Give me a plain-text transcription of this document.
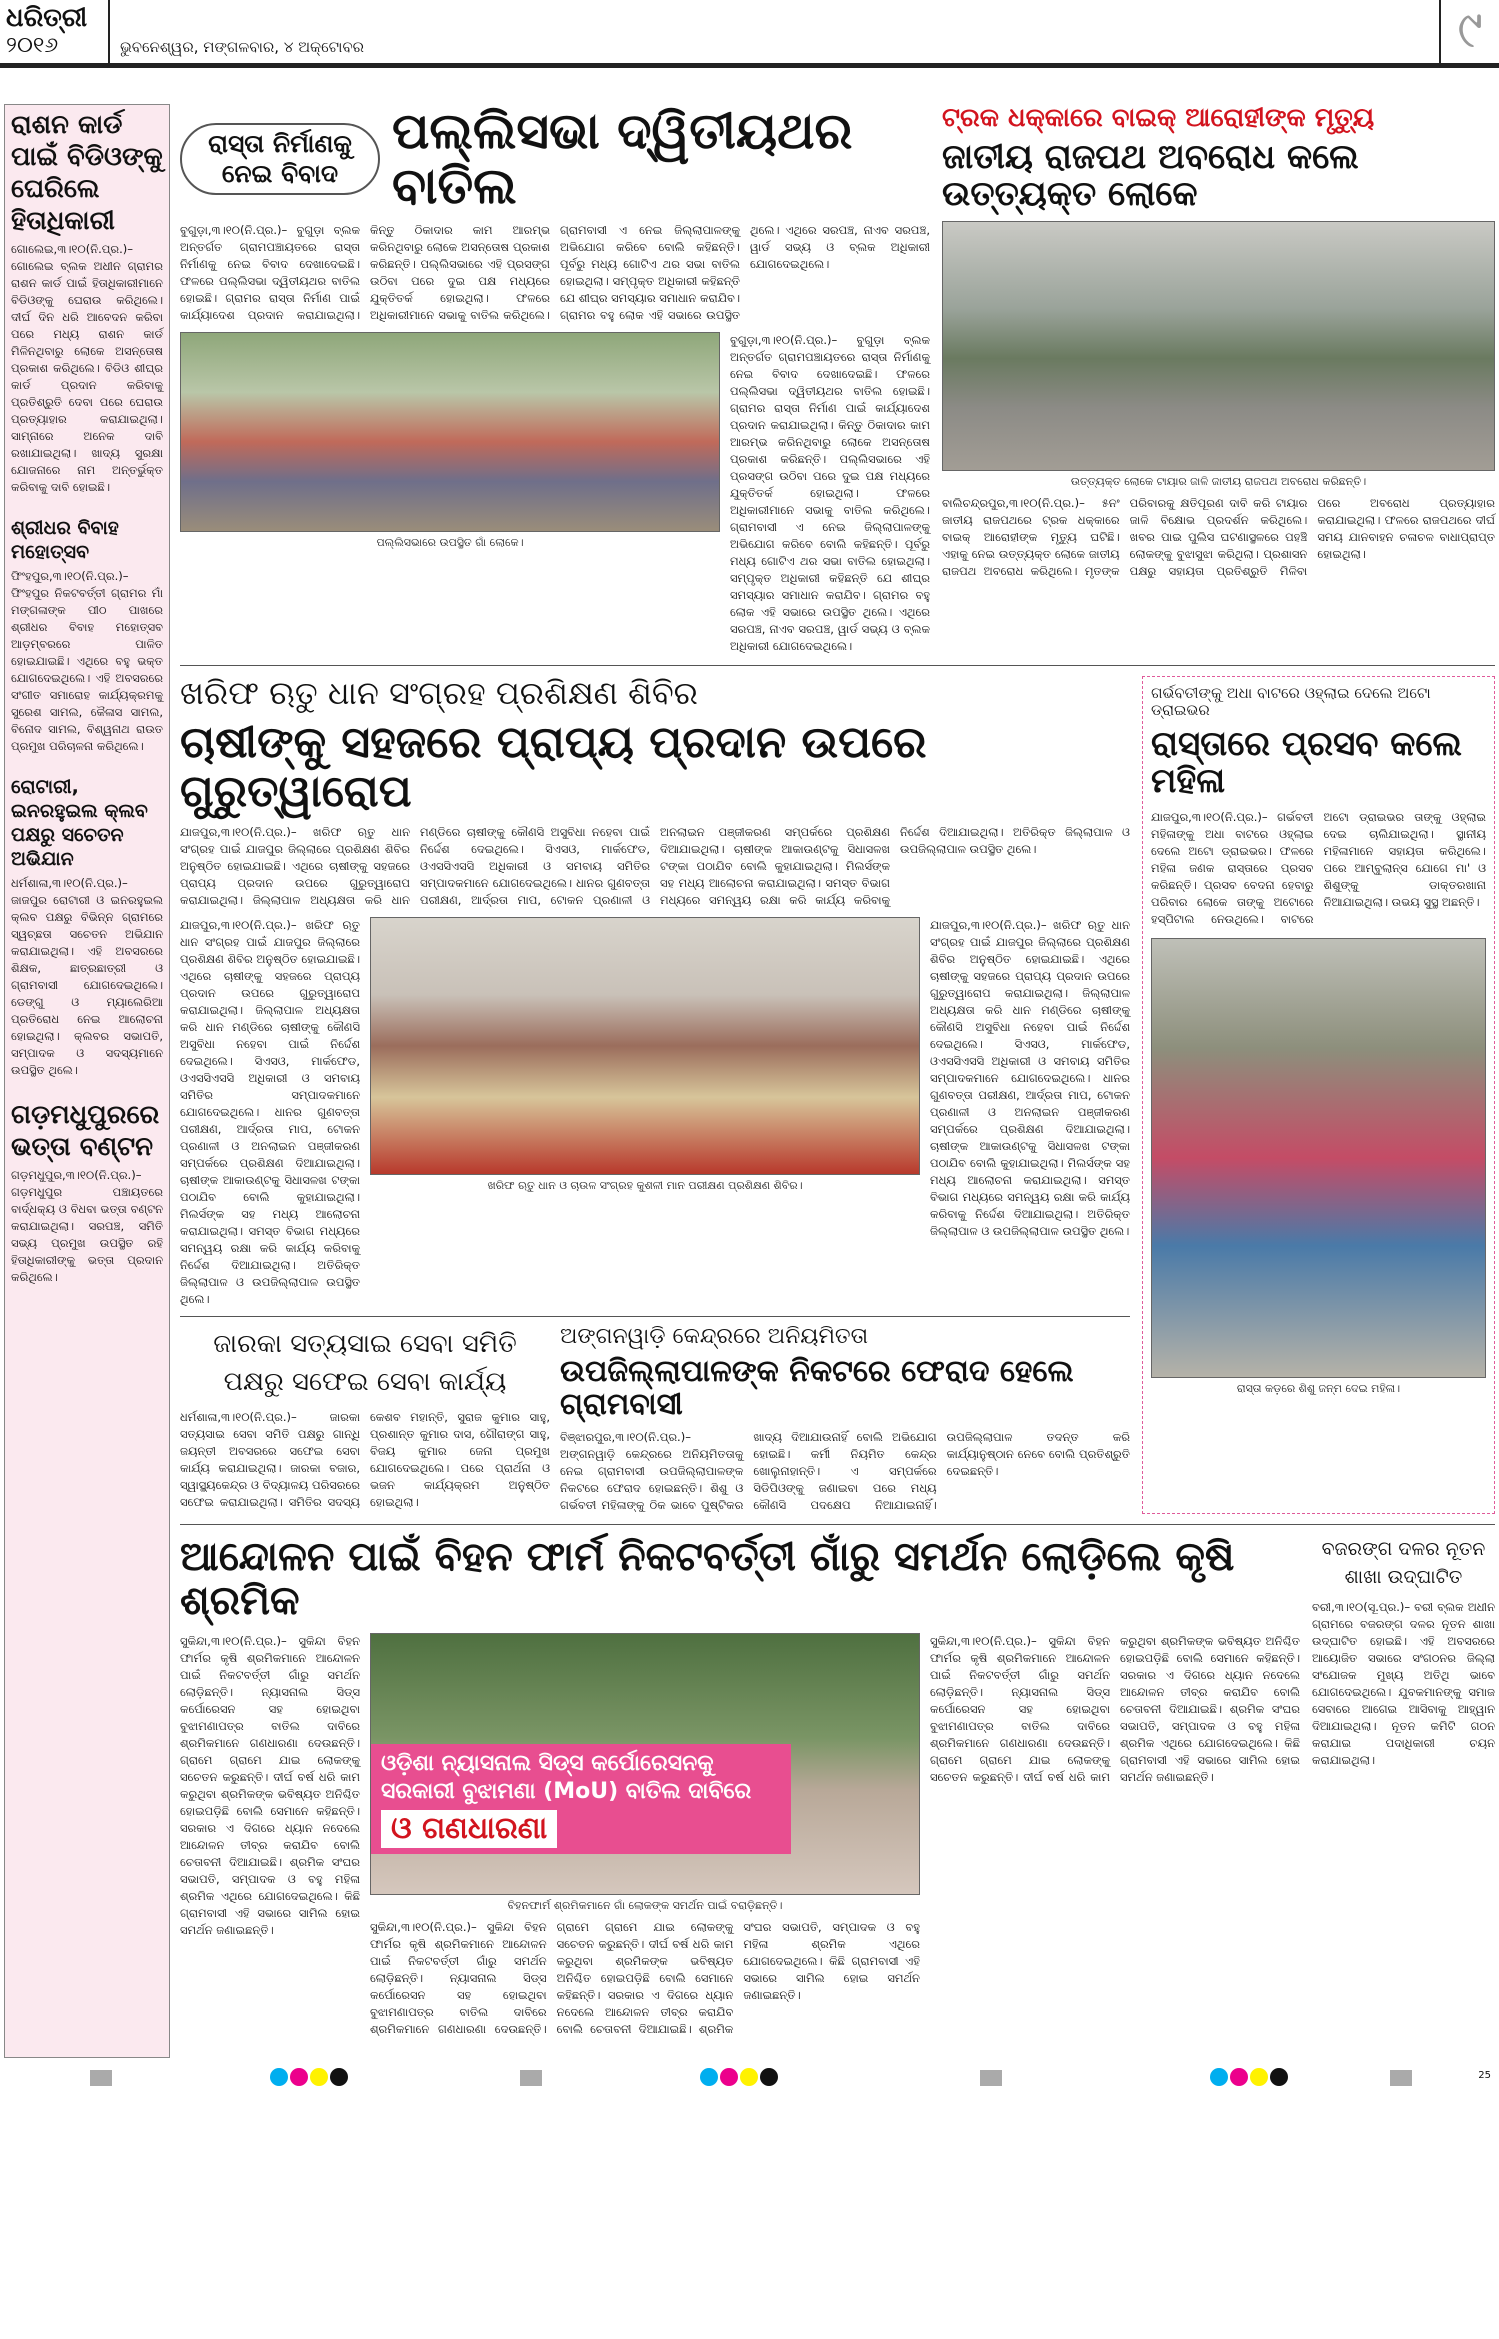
ଧରିତ୍ରୀ
୨୦୧୬	ଭୁବନେଶ୍ୱର, ମଙ୍ଗଳବାର, ୪ ଅକ୍ଟୋବର	୯
ରାଶନ କାର୍ଡ ପାଇଁ ବିଡିଓଙ୍କୁ ଘେରିଲେ ହିତାଧିକାରୀ
ଗୋଲେଇ,୩।୧୦(ନି.ପ୍ର.)– ଗୋଲେଇ ବ୍ଲକ ଅଧୀନ ଗ୍ରାମର ରାଶନ କାର୍ଡ ପାଇଁ ହିତାଧିକାରୀମାନେ ବିଡିଓଙ୍କୁ ଘେରାଉ କରିଥିଲେ। ଦୀର୍ଘ ଦିନ ଧରି ଆବେଦନ କରିବା ପରେ ମଧ୍ୟ ରାଶନ କାର୍ଡ ମିଳିନଥିବାରୁ ଲୋକେ ଅସନ୍ତୋଷ ପ୍ରକାଶ କରିଥିଲେ। ବିଡିଓ ଶୀଘ୍ର କାର୍ଡ ପ୍ରଦାନ କରିବାକୁ ପ୍ରତିଶ୍ରୁତି ଦେବା ପରେ ଘେରାଉ ପ୍ରତ୍ୟାହାର କରାଯାଇଥିଲା। ସାମ୍ନାରେ ଅନେକ ଦାବି ରଖାଯାଇଥିଲା। ଖାଦ୍ୟ ସୁରକ୍ଷା ଯୋଜନାରେ ନାମ ଅନ୍ତର୍ଭୁକ୍ତ କରିବାକୁ ଦାବି ହୋଇଛି।
ଶ୍ରୀଧର ବିବାହ ମହୋତ୍ସବ
ଫିଂହପୁର,୩।୧୦(ନି.ପ୍ର.)– ଫିଂହପୁର ନିକଟବର୍ତ୍ତୀ ଗ୍ରାମର ମାଁ ମଙ୍ଗଳାଙ୍କ ପୀଠ ପାଖରେ ଶ୍ରୀଧର ବିବାହ ମହୋତ୍ସବ ଆଡ଼ମ୍ବରରେ ପାଳିତ ହୋଇଯାଇଛି। ଏଥିରେ ବହୁ ଭକ୍ତ ଯୋଗଦେଇଥିଲେ। ଏହି ଅବସରରେ ସଂଗୀତ ସମାରୋହ କାର୍ଯ୍ୟକ୍ରମକୁ ସୁରେଶ ସାମଲ, କୈଳାସ ସାମଲ, ବିନୋଦ ସାମଲ, ବିଶ୍ୱନାଥ ରାଉତ ପ୍ରମୁଖ ପରିଚାଳନା କରିଥିଲେ।
ରୋଟାରୀ, ଇନରହୁଇଲ କ୍ଲବ ପକ୍ଷରୁ ସଚେତନ ଅଭିଯାନ
ଧର୍ମଶାଳା,୩।୧୦(ନି.ପ୍ର.)– ଜାଜପୁର ରୋଟାରୀ ଓ ଇନରହୁଇଲ କ୍ଲବ ପକ୍ଷରୁ ବିଭିନ୍ନ ଗ୍ରାମରେ ସ୍ୱଚ୍ଛତା ସଚେତନ ଅଭିଯାନ କରାଯାଇଥିଲା। ଏହି ଅବସରରେ ଶିକ୍ଷକ, ଛାତ୍ରଛାତ୍ରୀ ଓ ଗ୍ରାମବାସୀ ଯୋଗଦେଇଥିଲେ। ଡେଙ୍ଗୁ ଓ ମ୍ୟାଲେରିଆ ପ୍ରତିରୋଧ ନେଇ ଆଲୋଚନା ହୋଇଥିଲା। କ୍ଲବର ସଭାପତି, ସମ୍ପାଦକ ଓ ସଦସ୍ୟମାନେ ଉପସ୍ଥିତ ଥିଲେ।
ଗଡ଼ମଧୁପୁରରେ ଭତ୍ତା ବଣ୍ଟନ
ଗଡ଼ମଧୁପୁର,୩।୧୦(ନି.ପ୍ର.)– ଗଡ଼ମଧୁପୁର ପଞ୍ଚାୟତରେ ବାର୍ଦ୍ଧକ୍ୟ ଓ ବିଧବା ଭତ୍ତା ବଣ୍ଟନ କରାଯାଇଥିଲା। ସରପଞ୍ଚ, ସମିତି ସଭ୍ୟ ପ୍ରମୁଖ ଉପସ୍ଥିତ ରହି ହିତାଧିକାରୀଙ୍କୁ ଭତ୍ତା ପ୍ରଦାନ କରିଥିଲେ।
ରାସ୍ତା ନିର୍ମାଣକୁ ନେଇ ବିବାଦ
ପଲ୍ଲିସଭା ଦ୍ୱିତୀୟଥର ବାତିଲ
ବୁଗୁଡ଼ା,୩।୧୦(ନି.ପ୍ର.)– ବୁଗୁଡ଼ା ବ୍ଲକ ଅନ୍ତର୍ଗତ ଗ୍ରାମପଞ୍ଚାୟତରେ ରାସ୍ତା ନିର୍ମାଣକୁ ନେଇ ବିବାଦ ଦେଖାଦେଇଛି। ଫଳରେ ପଲ୍ଲିସଭା ଦ୍ୱିତୀୟଥର ବାତିଲ ହୋଇଛି। ଗ୍ରାମର ରାସ୍ତା ନିର୍ମାଣ ପାଇଁ କାର୍ଯ୍ୟାଦେଶ ପ୍ରଦାନ କରାଯାଇଥିଲା। କିନ୍ତୁ ଠିକାଦାର କାମ ଆରମ୍ଭ କରିନଥିବାରୁ ଲୋକେ ଅସନ୍ତୋଷ ପ୍ରକାଶ କରିଛନ୍ତି। ପଲ୍ଲିସଭାରେ ଏହି ପ୍ରସଙ୍ଗ ଉଠିବା ପରେ ଦୁଇ ପକ୍ଷ ମଧ୍ୟରେ ଯୁକ୍ତିତର୍କ ହୋଇଥିଲା। ଫଳରେ ଅଧିକାରୀମାନେ ସଭାକୁ ବାତିଲ କରିଥିଲେ। ଗ୍ରାମବାସୀ ଏ ନେଇ ଜିଲ୍ଲାପାଳଙ୍କୁ ଅଭିଯୋଗ କରିବେ ବୋଲି କହିଛନ୍ତି। ପୂର୍ବରୁ ମଧ୍ୟ ଗୋଟିଏ ଥର ସଭା ବାତିଲ ହୋଇଥିଲା। ସମ୍ପୃକ୍ତ ଅଧିକାରୀ କହିଛନ୍ତି ଯେ ଶୀଘ୍ର ସମସ୍ୟାର ସମାଧାନ କରାଯିବ। ଗ୍ରାମର ବହୁ ଲୋକ ଏହି ସଭାରେ ଉପସ୍ଥିତ ଥିଲେ। ଏଥିରେ ସରପଞ୍ଚ, ନାଏବ ସରପଞ୍ଚ, ୱାର୍ଡ ସଭ୍ୟ ଓ ବ୍ଲକ ଅଧିକାରୀ ଯୋଗଦେଇଥିଲେ।
ପଲ୍ଲିସଭାରେ ଉପସ୍ଥିତ ଗାଁ ଲୋକେ।
ବୁଗୁଡ଼ା,୩।୧୦(ନି.ପ୍ର.)– ବୁଗୁଡ଼ା ବ୍ଲକ ଅନ୍ତର୍ଗତ ଗ୍ରାମପଞ୍ଚାୟତରେ ରାସ୍ତା ନିର୍ମାଣକୁ ନେଇ ବିବାଦ ଦେଖାଦେଇଛି। ଫଳରେ ପଲ୍ଲିସଭା ଦ୍ୱିତୀୟଥର ବାତିଲ ହୋଇଛି। ଗ୍ରାମର ରାସ୍ତା ନିର୍ମାଣ ପାଇଁ କାର୍ଯ୍ୟାଦେଶ ପ୍ରଦାନ କରାଯାଇଥିଲା। କିନ୍ତୁ ଠିକାଦାର କାମ ଆରମ୍ଭ କରିନଥିବାରୁ ଲୋକେ ଅସନ୍ତୋଷ ପ୍ରକାଶ କରିଛନ୍ତି। ପଲ୍ଲିସଭାରେ ଏହି ପ୍ରସଙ୍ଗ ଉଠିବା ପରେ ଦୁଇ ପକ୍ଷ ମଧ୍ୟରେ ଯୁକ୍ତିତର୍କ ହୋଇଥିଲା। ଫଳରେ ଅଧିକାରୀମାନେ ସଭାକୁ ବାତିଲ କରିଥିଲେ। ଗ୍ରାମବାସୀ ଏ ନେଇ ଜିଲ୍ଲାପାଳଙ୍କୁ ଅଭିଯୋଗ କରିବେ ବୋଲି କହିଛନ୍ତି। ପୂର୍ବରୁ ମଧ୍ୟ ଗୋଟିଏ ଥର ସଭା ବାତିଲ ହୋଇଥିଲା। ସମ୍ପୃକ୍ତ ଅଧିକାରୀ କହିଛନ୍ତି ଯେ ଶୀଘ୍ର ସମସ୍ୟାର ସମାଧାନ କରାଯିବ। ଗ୍ରାମର ବହୁ ଲୋକ ଏହି ସଭାରେ ଉପସ୍ଥିତ ଥିଲେ। ଏଥିରେ ସରପଞ୍ଚ, ନାଏବ ସରପଞ୍ଚ, ୱାର୍ଡ ସଭ୍ୟ ଓ ବ୍ଲକ ଅଧିକାରୀ ଯୋଗଦେଇଥିଲେ।
ଟ୍ରକ ଧକ୍କାରେ ବାଇକ୍ ଆରୋହୀଙ୍କ ମୃତ୍ୟୁ
ଜାତୀୟ ରାଜପଥ ଅବରୋଧ କଲେ ଉତ୍ତ୍ୟକ୍ତ ଲୋକେ
ଉତ୍ତ୍ୟକ୍ତ ଲୋକେ ଟାୟାର ଜାଳି ଜାତୀୟ ରାଜପଥ ଅବରୋଧ କରିଛନ୍ତି।
ବାଲିଚନ୍ଦ୍ରପୁର,୩।୧୦(ନି.ପ୍ର.)– ୫ନଂ ଜାତୀୟ ରାଜପଥରେ ଟ୍ରକ ଧକ୍କାରେ ବାଇକ୍ ଆରୋହୀଙ୍କ ମୃତ୍ୟୁ ଘଟିଛି। ଏହାକୁ ନେଇ ଉତ୍ତ୍ୟକ୍ତ ଲୋକେ ଜାତୀୟ ରାଜପଥ ଅବରୋଧ କରିଥିଲେ। ମୃତଙ୍କ ପରିବାରକୁ କ୍ଷତିପୂରଣ ଦାବି କରି ଟାୟାର ଜାଳି ବିକ୍ଷୋଭ ପ୍ରଦର୍ଶନ କରିଥିଲେ। ଖବର ପାଇ ପୁଲିସ ଘଟଣାସ୍ଥଳରେ ପହଞ୍ଚି ଲୋକଙ୍କୁ ବୁଝାସୁଝା କରିଥିଲା। ପ୍ରଶାସନ ପକ୍ଷରୁ ସହାୟତା ପ୍ରତିଶ୍ରୁତି ମିଳିବା ପରେ ଅବରୋଧ ପ୍ରତ୍ୟାହାର କରାଯାଇଥିଲା। ଫଳରେ ରାଜପଥରେ ଦୀର୍ଘ ସମୟ ଯାନବାହନ ଚଳାଚଳ ବାଧାପ୍ରାପ୍ତ ହୋଇଥିଲା।
ଖରିଫ ଋତୁ ଧାନ ସଂଗ୍ରହ ପ୍ରଶିକ୍ଷଣ ଶିବିର
ଚାଷୀଙ୍କୁ ସହଜରେ ପ୍ରାପ୍ୟ ପ୍ରଦାନ ଉପରେ ଗୁରୁତ୍ୱାରୋପ
ଯାଜପୁର,୩।୧୦(ନି.ପ୍ର.)– ଖରିଫ ଋତୁ ଧାନ ସଂଗ୍ରହ ପାଇଁ ଯାଜପୁର ଜିଲ୍ଲାରେ ପ୍ରଶିକ୍ଷଣ ଶିବିର ଅନୁଷ୍ଠିତ ହୋଇଯାଇଛି। ଏଥିରେ ଚାଷୀଙ୍କୁ ସହଜରେ ପ୍ରାପ୍ୟ ପ୍ରଦାନ ଉପରେ ଗୁରୁତ୍ୱାରୋପ କରାଯାଇଥିଲା। ଜିଲ୍ଲାପାଳ ଅଧ୍ୟକ୍ଷତା କରି ଧାନ ମଣ୍ଡିରେ ଚାଷୀଙ୍କୁ କୌଣସି ଅସୁବିଧା ନହେବା ପାଇଁ ନିର୍ଦ୍ଦେଶ ଦେଇଥିଲେ। ସିଏସଓ, ମାର୍କଫେଡ, ଓଏସସିଏସସି ଅଧିକାରୀ ଓ ସମବାୟ ସମିତିର ସମ୍ପାଦକମାନେ ଯୋଗଦେଇଥିଲେ। ଧାନର ଗୁଣବତ୍ତା ପରୀକ୍ଷଣ, ଆର୍ଦ୍ରତା ମାପ, ଟୋକନ ପ୍ରଣାଳୀ ଓ ଅନଲାଇନ ପଞ୍ଜୀକରଣ ସମ୍ପର୍କରେ ପ୍ରଶିକ୍ଷଣ ଦିଆଯାଇଥିଲା। ଚାଷୀଙ୍କ ଆକାଉଣ୍ଟକୁ ସିଧାସଳଖ ଟଙ୍କା ପଠାଯିବ ବୋଲି କୁହାଯାଇଥିଲା। ମିଲର୍ସଙ୍କ ସହ ମଧ୍ୟ ଆଲୋଚନା କରାଯାଇଥିଲା। ସମସ୍ତ ବିଭାଗ ମଧ୍ୟରେ ସମନ୍ୱୟ ରକ୍ଷା କରି କାର୍ଯ୍ୟ କରିବାକୁ ନିର୍ଦ୍ଦେଶ ଦିଆଯାଇଥିଲା। ଅତିରିକ୍ତ ଜିଲ୍ଲାପାଳ ଓ ଉପଜିଲ୍ଲାପାଳ ଉପସ୍ଥିତ ଥିଲେ।
ଯାଜପୁର,୩।୧୦(ନି.ପ୍ର.)– ଖରିଫ ଋତୁ ଧାନ ସଂଗ୍ରହ ପାଇଁ ଯାଜପୁର ଜିଲ୍ଲାରେ ପ୍ରଶିକ୍ଷଣ ଶିବିର ଅନୁଷ୍ଠିତ ହୋଇଯାଇଛି। ଏଥିରେ ଚାଷୀଙ୍କୁ ସହଜରେ ପ୍ରାପ୍ୟ ପ୍ରଦାନ ଉପରେ ଗୁରୁତ୍ୱାରୋପ କରାଯାଇଥିଲା। ଜିଲ୍ଲାପାଳ ଅଧ୍ୟକ୍ଷତା କରି ଧାନ ମଣ୍ଡିରେ ଚାଷୀଙ୍କୁ କୌଣସି ଅସୁବିଧା ନହେବା ପାଇଁ ନିର୍ଦ୍ଦେଶ ଦେଇଥିଲେ। ସିଏସଓ, ମାର୍କଫେଡ, ଓଏସସିଏସସି ଅଧିକାରୀ ଓ ସମବାୟ ସମିତିର ସମ୍ପାଦକମାନେ ଯୋଗଦେଇଥିଲେ। ଧାନର ଗୁଣବତ୍ତା ପରୀକ୍ଷଣ, ଆର୍ଦ୍ରତା ମାପ, ଟୋକନ ପ୍ରଣାଳୀ ଓ ଅନଲାଇନ ପଞ୍ଜୀକରଣ ସମ୍ପର୍କରେ ପ୍ରଶିକ୍ଷଣ ଦିଆଯାଇଥିଲା। ଚାଷୀଙ୍କ ଆକାଉଣ୍ଟକୁ ସିଧାସଳଖ ଟଙ୍କା ପଠାଯିବ ବୋଲି କୁହାଯାଇଥିଲା। ମିଲର୍ସଙ୍କ ସହ ମଧ୍ୟ ଆଲୋଚନା କରାଯାଇଥିଲା। ସମସ୍ତ ବିଭାଗ ମଧ୍ୟରେ ସମନ୍ୱୟ ରକ୍ଷା କରି କାର୍ଯ୍ୟ କରିବାକୁ ନିର୍ଦ୍ଦେଶ ଦିଆଯାଇଥିଲା। ଅତିରିକ୍ତ ଜିଲ୍ଲାପାଳ ଓ ଉପଜିଲ୍ଲାପାଳ ଉପସ୍ଥିତ ଥିଲେ।
ଖରିଫ ଋତୁ ଧାନ ଓ ଚାଉଳ ସଂଗ୍ରହ କୁଶଳୀ ମାନ ପରୀକ୍ଷଣ ପ୍ରଶିକ୍ଷଣ ଶିବିର।
ଯାଜପୁର,୩।୧୦(ନି.ପ୍ର.)– ଖରିଫ ଋତୁ ଧାନ ସଂଗ୍ରହ ପାଇଁ ଯାଜପୁର ଜିଲ୍ଲାରେ ପ୍ରଶିକ୍ଷଣ ଶିବିର ଅନୁଷ୍ଠିତ ହୋଇଯାଇଛି। ଏଥିରେ ଚାଷୀଙ୍କୁ ସହଜରେ ପ୍ରାପ୍ୟ ପ୍ରଦାନ ଉପରେ ଗୁରୁତ୍ୱାରୋପ କରାଯାଇଥିଲା। ଜିଲ୍ଲାପାଳ ଅଧ୍ୟକ୍ଷତା କରି ଧାନ ମଣ୍ଡିରେ ଚାଷୀଙ୍କୁ କୌଣସି ଅସୁବିଧା ନହେବା ପାଇଁ ନିର୍ଦ୍ଦେଶ ଦେଇଥିଲେ। ସିଏସଓ, ମାର୍କଫେଡ, ଓଏସସିଏସସି ଅଧିକାରୀ ଓ ସମବାୟ ସମିତିର ସମ୍ପାଦକମାନେ ଯୋଗଦେଇଥିଲେ। ଧାନର ଗୁଣବତ୍ତା ପରୀକ୍ଷଣ, ଆର୍ଦ୍ରତା ମାପ, ଟୋକନ ପ୍ରଣାଳୀ ଓ ଅନଲାଇନ ପଞ୍ଜୀକରଣ ସମ୍ପର୍କରେ ପ୍ରଶିକ୍ଷଣ ଦିଆଯାଇଥିଲା। ଚାଷୀଙ୍କ ଆକାଉଣ୍ଟକୁ ସିଧାସଳଖ ଟଙ୍କା ପଠାଯିବ ବୋଲି କୁହାଯାଇଥିଲା। ମିଲର୍ସଙ୍କ ସହ ମଧ୍ୟ ଆଲୋଚନା କରାଯାଇଥିଲା। ସମସ୍ତ ବିଭାଗ ମଧ୍ୟରେ ସମନ୍ୱୟ ରକ୍ଷା କରି କାର୍ଯ୍ୟ କରିବାକୁ ନିର୍ଦ୍ଦେଶ ଦିଆଯାଇଥିଲା। ଅତିରିକ୍ତ ଜିଲ୍ଲାପାଳ ଓ ଉପଜିଲ୍ଲାପାଳ ଉପସ୍ଥିତ ଥିଲେ।
ଜାରକା ସତ୍ୟସାଇ ସେବା ସମିତି ପକ୍ଷରୁ ସଫେଇ ସେବା କାର୍ଯ୍ୟ
ଧର୍ମଶାଳା,୩।୧୦(ନି.ପ୍ର.)– ଜାରକା ସତ୍ୟସାଇ ସେବା ସମିତି ପକ୍ଷରୁ ଗାନ୍ଧି ଜୟନ୍ତୀ ଅବସରରେ ସଫେଇ ସେବା କାର୍ଯ୍ୟ କରାଯାଇଥିଲା। ଜାରକା ବଜାର, ସ୍ୱାସ୍ଥ୍ୟକେନ୍ଦ୍ର ଓ ବିଦ୍ୟାଳୟ ପରିସରରେ ସଫେଇ କରାଯାଇଥିଲା। ସମିତିର ସଦସ୍ୟ କେଶବ ମହାନ୍ତି, ସୁରାଜ କୁମାର ସାହୁ, ପ୍ରଶାନ୍ତ କୁମାର ଦାସ, ଗୌରାଙ୍ଗ ସାହୁ, ବିଜୟ କୁମାର ଜେନା ପ୍ରମୁଖ ଯୋଗଦେଇଥିଲେ। ପରେ ପ୍ରାର୍ଥନା ଓ ଭଜନ କାର୍ଯ୍ୟକ୍ରମ ଅନୁଷ୍ଠିତ ହୋଇଥିଲା।
ଅଙ୍ଗନୱାଡ଼ି କେନ୍ଦ୍ରରେ ଅନିୟମିତତା
ଉପଜିଲ୍ଲାପାଳଙ୍କ ନିକଟରେ ଫେରାଦ ହେଲେ ଗ୍ରାମବାସୀ
ବିଞ୍ଝାରପୁର,୩।୧୦(ନି.ପ୍ର.)– ଅଙ୍ଗନୱାଡ଼ି କେନ୍ଦ୍ରରେ ଅନିୟମିତତାକୁ ନେଇ ଗ୍ରାମବାସୀ ଉପଜିଲ୍ଲାପାଳଙ୍କ ନିକଟରେ ଫେରାଦ ହୋଇଛନ୍ତି। ଶିଶୁ ଓ ଗର୍ଭବତୀ ମହିଳାଙ୍କୁ ଠିକ ଭାବେ ପୁଷ୍ଟିକର ଖାଦ୍ୟ ଦିଆଯାଉନାହିଁ ବୋଲି ଅଭିଯୋଗ ହୋଇଛି। କର୍ମୀ ନିୟମିତ କେନ୍ଦ୍ର ଖୋଲୁନାହାନ୍ତି। ଏ ସମ୍ପର୍କରେ ସିଡିପିଓଙ୍କୁ ଜଣାଇବା ପରେ ମଧ୍ୟ କୌଣସି ପଦକ୍ଷେପ ନିଆଯାଇନାହିଁ। ଉପଜିଲ୍ଲାପାଳ ତଦନ୍ତ କରି କାର୍ଯ୍ୟାନୁଷ୍ଠାନ ନେବେ ବୋଲି ପ୍ରତିଶ୍ରୁତି ଦେଇଛନ୍ତି।
ଗର୍ଭବତୀଙ୍କୁ ଅଧା ବାଟରେ ଓହ୍ଲାଇ ଦେଲେ ଅଟୋ ଡ୍ରାଇଭର
ରାସ୍ତାରେ ପ୍ରସବ କଲେ ମହିଳା
ଯାଜପୁର,୩।୧୦(ନି.ପ୍ର.)– ଗର୍ଭବତୀ ମହିଳାଙ୍କୁ ଅଧା ବାଟରେ ଓହ୍ଲାଇ ଦେଲେ ଅଟୋ ଡ୍ରାଇଭର। ଫଳରେ ମହିଳା ଜଣକ ରାସ୍ତାରେ ପ୍ରସବ କରିଛନ୍ତି। ପ୍ରସବ ବେଦନା ହେବାରୁ ପରିବାର ଲୋକେ ତାଙ୍କୁ ଅଟୋରେ ହସ୍ପିଟାଲ ନେଉଥିଲେ। ବାଟରେ ଅଟୋ ଡ୍ରାଇଭର ତାଙ୍କୁ ଓହ୍ଲାଇ ଦେଇ ଚାଲିଯାଇଥିଲା। ସ୍ଥାନୀୟ ମହିଳାମାନେ ସହାୟତା କରିଥିଲେ। ପରେ ଆମ୍ବୁଲାନ୍ସ ଯୋଗେ ମା' ଓ ଶିଶୁଙ୍କୁ ଡାକ୍ତରଖାନା ନିଆଯାଇଥିଲା। ଉଭୟ ସୁସ୍ଥ ଅଛନ୍ତି।
ରାସ୍ତା କଡ଼ରେ ଶିଶୁ ଜନ୍ମ ଦେଇ ମହିଳା।
ଆନ୍ଦୋଳନ ପାଇଁ ବିହନ ଫାର୍ମ ନିକଟବର୍ତ୍ତୀ ଗାଁରୁ ସମର୍ଥନ ଲୋଡ଼ିଲେ କୃଷି ଶ୍ରମିକ
ସୁକିନ୍ଦା,୩।୧୦(ନି.ପ୍ର.)– ସୁକିନ୍ଦା ବିହନ ଫାର୍ମର କୃଷି ଶ୍ରମିକମାନେ ଆନ୍ଦୋଳନ ପାଇଁ ନିକଟବର୍ତ୍ତୀ ଗାଁରୁ ସମର୍ଥନ ଲୋଡ଼ିଛନ୍ତି। ନ୍ୟାସନାଲ ସିଡ୍‌ସ କର୍ପୋରେସନ ସହ ହୋଇଥିବା ବୁଝାମଣାପତ୍ର ବାତିଲ ଦାବିରେ ଶ୍ରମିକମାନେ ଗଣଧାରଣା ଦେଉଛନ୍ତି। ଗ୍ରାମେ ଗ୍ରାମେ ଯାଇ ଲୋକଙ୍କୁ ସଚେତନ କରୁଛନ୍ତି। ଦୀର୍ଘ ବର୍ଷ ଧରି କାମ କରୁଥିବା ଶ୍ରମିକଙ୍କ ଭବିଷ୍ୟତ ଅନିଶ୍ଚିତ ହୋଇପଡ଼ିଛି ବୋଲି ସେମାନେ କହିଛନ୍ତି। ସରକାର ଏ ଦିଗରେ ଧ୍ୟାନ ନଦେଲେ ଆନ୍ଦୋଳନ ତୀବ୍ର କରାଯିବ ବୋଲି ଚେତାବନୀ ଦିଆଯାଇଛି। ଶ୍ରମିକ ସଂଘର ସଭାପତି, ସମ୍ପାଦକ ଓ ବହୁ ମହିଳା ଶ୍ରମିକ ଏଥିରେ ଯୋଗଦେଇଥିଲେ। କିଛି ଗ୍ରାମବାସୀ ଏହି ସଭାରେ ସାମିଲ ହୋଇ ସମର୍ଥନ ଜଣାଇଛନ୍ତି।
ଓଡ଼ିଶା ନ୍ୟାସନାଲ ସିଡ୍‌ସ କର୍ପୋରେସନକୁ
ସରକାରୀ ବୁଝାମଣା (MoU) ବାତିଲ ଦାବିରେ
ଓ ଗଣଧାରଣା
ବିହନଫାର୍ମ ଶ୍ରମିକମାନେ ଗାଁ ଲୋକଙ୍କ ସମର୍ଥନ ପାଇଁ ବରାଡ଼ିଛନ୍ତି।
ସୁକିନ୍ଦା,୩।୧୦(ନି.ପ୍ର.)– ସୁକିନ୍ଦା ବିହନ ଫାର୍ମର କୃଷି ଶ୍ରମିକମାନେ ଆନ୍ଦୋଳନ ପାଇଁ ନିକଟବର୍ତ୍ତୀ ଗାଁରୁ ସମର୍ଥନ ଲୋଡ଼ିଛନ୍ତି। ନ୍ୟାସନାଲ ସିଡ୍‌ସ କର୍ପୋରେସନ ସହ ହୋଇଥିବା ବୁଝାମଣାପତ୍ର ବାତିଲ ଦାବିରେ ଶ୍ରମିକମାନେ ଗଣଧାରଣା ଦେଉଛନ୍ତି। ଗ୍ରାମେ ଗ୍ରାମେ ଯାଇ ଲୋକଙ୍କୁ ସଚେତନ କରୁଛନ୍ତି। ଦୀର୍ଘ ବର୍ଷ ଧରି କାମ କରୁଥିବା ଶ୍ରମିକଙ୍କ ଭବିଷ୍ୟତ ଅନିଶ୍ଚିତ ହୋଇପଡ଼ିଛି ବୋଲି ସେମାନେ କହିଛନ୍ତି। ସରକାର ଏ ଦିଗରେ ଧ୍ୟାନ ନଦେଲେ ଆନ୍ଦୋଳନ ତୀବ୍ର କରାଯିବ ବୋଲି ଚେତାବନୀ ଦିଆଯାଇଛି। ଶ୍ରମିକ ସଂଘର ସଭାପତି, ସମ୍ପାଦକ ଓ ବହୁ ମହିଳା ଶ୍ରମିକ ଏଥିରେ ଯୋଗଦେଇଥିଲେ। କିଛି ଗ୍ରାମବାସୀ ଏହି ସଭାରେ ସାମିଲ ହୋଇ ସମର୍ଥନ ଜଣାଇଛନ୍ତି।
ସୁକିନ୍ଦା,୩।୧୦(ନି.ପ୍ର.)– ସୁକିନ୍ଦା ବିହନ ଫାର୍ମର କୃଷି ଶ୍ରମିକମାନେ ଆନ୍ଦୋଳନ ପାଇଁ ନିକଟବର୍ତ୍ତୀ ଗାଁରୁ ସମର୍ଥନ ଲୋଡ଼ିଛନ୍ତି। ନ୍ୟାସନାଲ ସିଡ୍‌ସ କର୍ପୋରେସନ ସହ ହୋଇଥିବା ବୁଝାମଣାପତ୍ର ବାତିଲ ଦାବିରେ ଶ୍ରମିକମାନେ ଗଣଧାରଣା ଦେଉଛନ୍ତି। ଗ୍ରାମେ ଗ୍ରାମେ ଯାଇ ଲୋକଙ୍କୁ ସଚେତନ କରୁଛନ୍ତି। ଦୀର୍ଘ ବର୍ଷ ଧରି କାମ କରୁଥିବା ଶ୍ରମିକଙ୍କ ଭବିଷ୍ୟତ ଅନିଶ୍ଚିତ ହୋଇପଡ଼ିଛି ବୋଲି ସେମାନେ କହିଛନ୍ତି। ସରକାର ଏ ଦିଗରେ ଧ୍ୟାନ ନଦେଲେ ଆନ୍ଦୋଳନ ତୀବ୍ର କରାଯିବ ବୋଲି ଚେତାବନୀ ଦିଆଯାଇଛି। ଶ୍ରମିକ ସଂଘର ସଭାପତି, ସମ୍ପାଦକ ଓ ବହୁ ମହିଳା ଶ୍ରମିକ ଏଥିରେ ଯୋଗଦେଇଥିଲେ। କିଛି ଗ୍ରାମବାସୀ ଏହି ସଭାରେ ସାମିଲ ହୋଇ ସମର୍ଥନ ଜଣାଇଛନ୍ତି।
ବଜରଙ୍ଗ ଦଳର ନୂତନ ଶାଖା ଉଦ୍‌ଘାଟିତ
ବରୀ,୩।୧୦(ସୂ.ପ୍ର.)– ବରୀ ବ୍ଲକ ଅଧୀନ ଗ୍ରାମରେ ବଜରଙ୍ଗ ଦଳର ନୂତନ ଶାଖା ଉଦ୍‌ଘାଟିତ ହୋଇଛି। ଏହି ଅବସରରେ ଆୟୋଜିତ ସଭାରେ ସଂଗଠନର ଜିଲ୍ଲା ସଂଯୋଜକ ମୁଖ୍ୟ ଅତିଥି ଭାବେ ଯୋଗଦେଇଥିଲେ। ଯୁବକମାନଙ୍କୁ ସମାଜ ସେବାରେ ଆଗେଇ ଆସିବାକୁ ଆହ୍ୱାନ ଦିଆଯାଇଥିଲା। ନୂତନ କମିଟି ଗଠନ କରାଯାଇ ପଦାଧିକାରୀ ଚୟନ କରାଯାଇଥିଲା।
25
